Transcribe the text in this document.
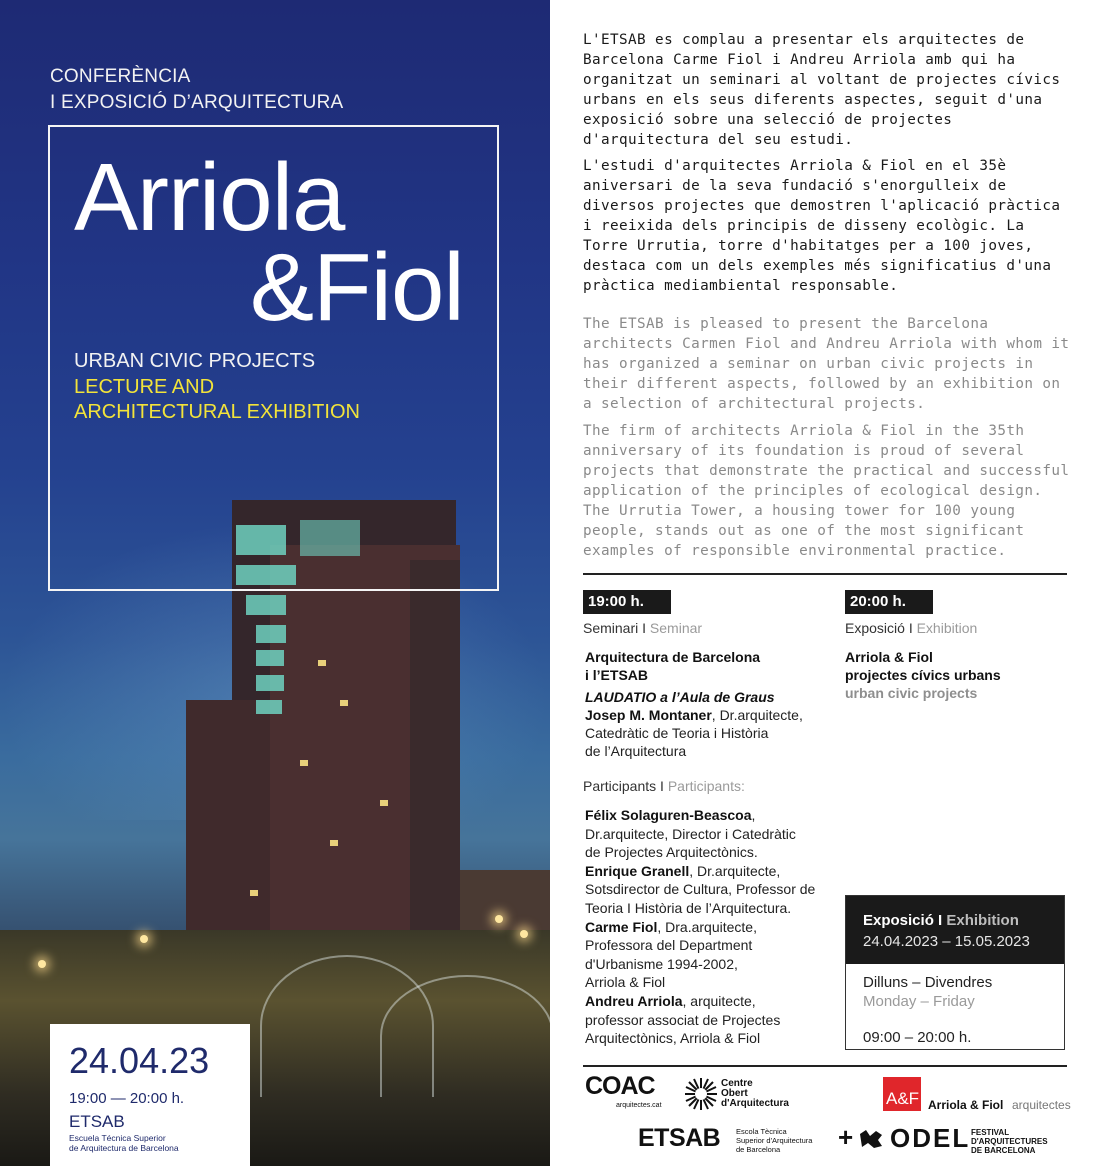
CONFERÈNCIA
I EXPOSICIÓ D’ARQUITECTURA
Arriola
&Fiol
URBAN CIVIC PROJECTS
LECTURE AND
ARCHITECTURAL EXHIBITION
24.04.23
19:00 — 20:00 h.
ETSAB
Escuela Técnica Superior
de Arquitectura de Barcelona
L'ETSAB es complau a presentar els arquitectes de Barcelona Carme Fiol i Andreu Arriola amb qui ha organitzat un seminari al voltant de projectes cívics urbans en els seus diferents aspectes, seguit d'una exposició sobre una selecció de projectes d'arquitectura del seu estudi.
L'estudi d'arquitectes Arriola & Fiol en el 35è aniversari de la seva fundació s'enorgulleix de diversos projectes que demostren l'aplicació pràctica i reeixida dels principis de disseny ecològic. La Torre Urrutia, torre d'habitatges per a 100 joves, destaca com un dels exemples més significatius d'una pràctica mediambiental responsable.
The ETSAB is pleased to present the Barcelona architects Carmen Fiol and Andreu Arriola with whom it has organized a seminar on urban civic projects in their different aspects, followed by an exhibition on a selection of architectural projects.
The firm of architects Arriola & Fiol in the 35th anniversary of its foundation is proud of several projects that demonstrate the practical and successful application of the principles of ecological design. The Urrutia Tower, a housing tower for 100 young people, stands out as one of the most significant examples of responsible environmental practice.
19:00 h.
Seminari I Seminar
Arquitectura de Barcelona
i l’ETSAB
LAUDATIO a l’Aula de Graus
Josep M. Montaner, Dr.arquitecte,
Catedràtic de Teoria i Història
de l’Arquitectura
Participants I Participants:
Félix Solaguren-Beascoa,
Dr.arquitecte, Director i Catedràtic
de Projectes Arquitectònics.
Enrique Granell, Dr.arquitecte,
Sotsdirector de Cultura, Professor de
Teoria I Història de l’Arquitectura.
Carme Fiol, Dra.arquitecte,
Professora del Department
d'Urbanisme 1994-2002,
Arriola & Fiol
Andreu Arriola, arquitecte,
professor associat de Projectes
Arquitectònics, Arriola & Fiol
20:00 h.
Exposició I Exhibition
Arriola & Fiol
projectes cívics urbans
urban civic projects
Exposició I Exhibition
24.04.2023 – 15.05.2023
Dilluns – Divendres
Monday – Friday
09:00 – 20:00 h.
COAC
arquitectes.cat
Centre
Obert
d'Arquitectura	A&F Arriola & Fiol arquitectes
ETSAB Escola Tècnica
Superior d'Arquitectura
de Barcelona	+ ODEL FESTIVAL
D'ARQUITECTURES
DE BARCELONA
